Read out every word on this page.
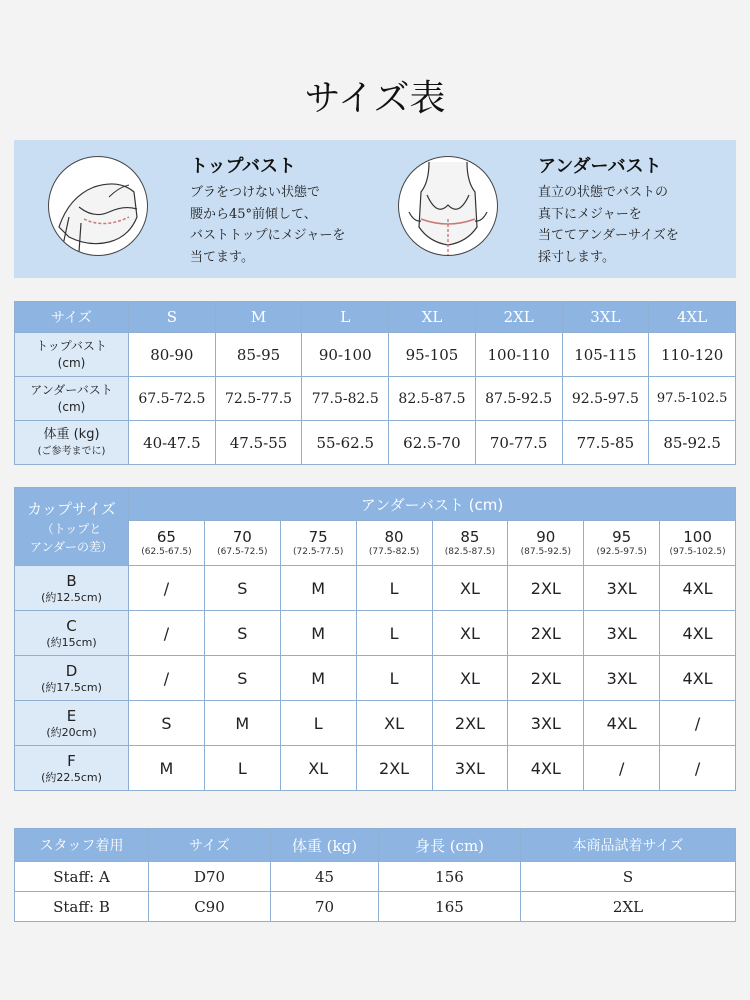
サイズ表
トップバスト
ブラをつけない状態で
腰から45°前傾して、
バストトップにメジャーを
当てます。
アンダーバスト
直立の状態でバストの
真下にメジャーを
当ててアンダーサイズを
採寸します。
サイズ	S	M	L	XL	2XL	3XL	4XL

トップバスト
(cm)	80-90	85-95	90-100	95-105	100-110	105-115	110-120

アンダーバスト
(cm)	67.5-72.5	72.5-77.5	77.5-82.5	82.5-87.5	87.5-92.5	92.5-97.5	97.5-102.5

体重 (kg)
(ご参考までに)	40-47.5	47.5-55	55-62.5	62.5-70	70-77.5	77.5-85	85-92.5
カップサイズ
（トップと
アンダーの差）	アンダーバスト (cm)							

	65
(62.5-67.5)	70
(67.5-72.5)	75
(72.5-77.5)	80
(77.5-82.5)	85
(82.5-87.5)	90
(87.5-92.5)	95
(92.5-97.5)	100
(97.5-102.5)

B
(約12.5cm)	/	S	M	L	XL	2XL	3XL	4XL

C
(約15cm)	/	S	M	L	XL	2XL	3XL	4XL

D
(約17.5cm)	/	S	M	L	XL	2XL	3XL	4XL

E
(約20cm)	S	M	L	XL	2XL	3XL	4XL	/

F
(約22.5cm)	M	L	XL	2XL	3XL	4XL	/	/
スタッフ着用	サイズ	体重 (kg)	身長 (cm)	本商品試着サイズ
Staff: A	D70	45	156	S
Staff: B	C90	70	165	2XL
